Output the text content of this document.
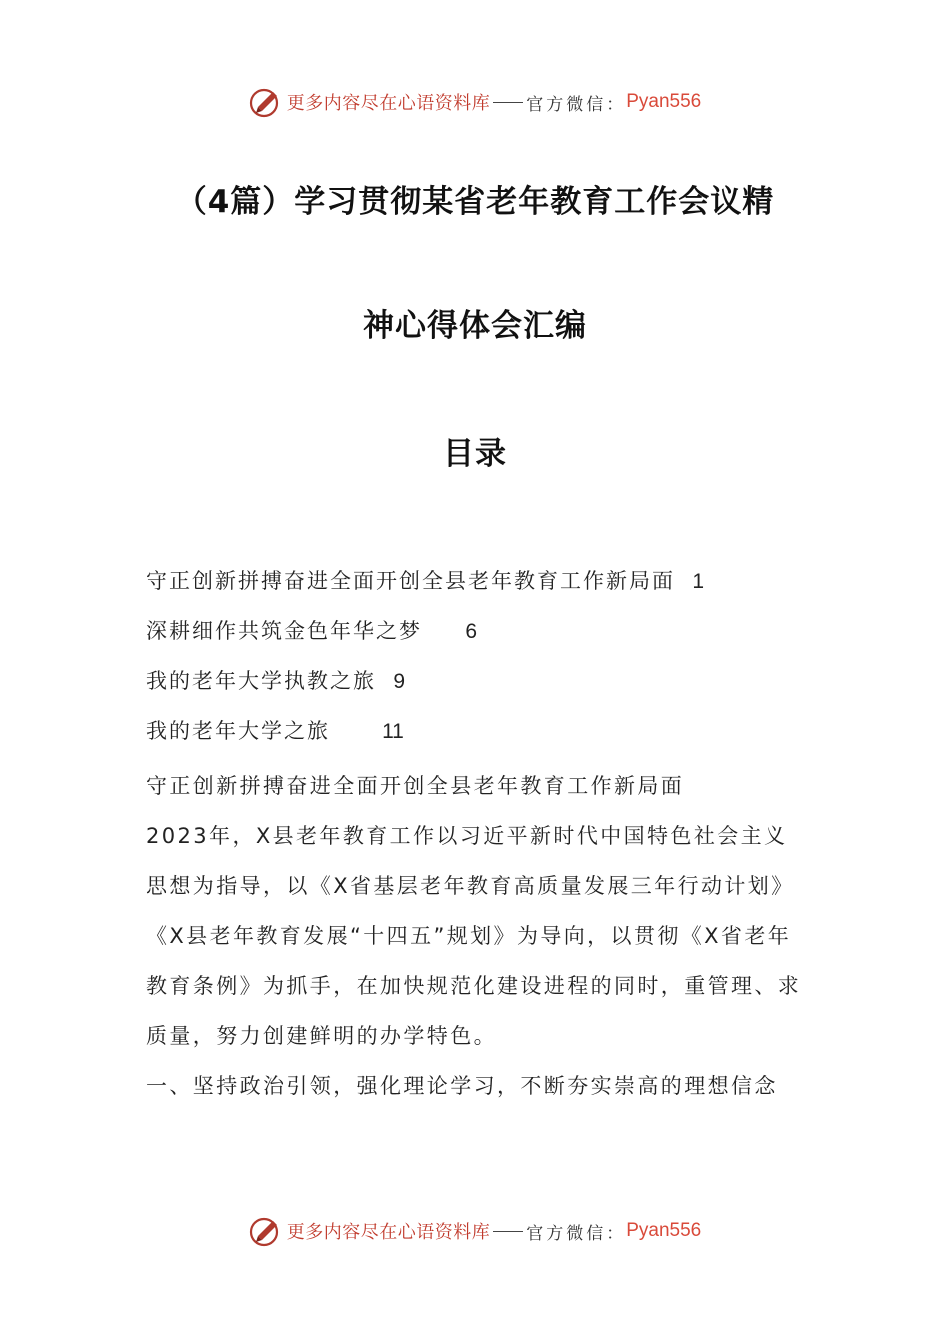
更多内容尽在心语资料库 官方微信： Pyan556
（4篇）学习贯彻某省老年教育工作会议精
神心得体会汇编
目录
守正创新拼搏奋进全面开创全县老年教育工作新局面 1
深耕细作共筑金色年华之梦 6
我的老年大学执教之旅 9
我的老年大学之旅 11

守正创新拼搏奋进全面开创全县老年教育工作新局面

2023年，X县老年教育工作以习近平新时代中国特色社会主义思想为指导，以《X省基层老年教育高质量发展三年行动计划》《X县老年教育发展“十四五”规划》为导向，以贯彻《X省老年教育条例》为抓手，在加快规范化建设进程的同时，重管理、求质量，努力创建鲜明的办学特色。

一、坚持政治引领，强化理论学习，不断夯实崇高的理想信念

更多内容尽在心语资料库 官方微信： Pyan556
